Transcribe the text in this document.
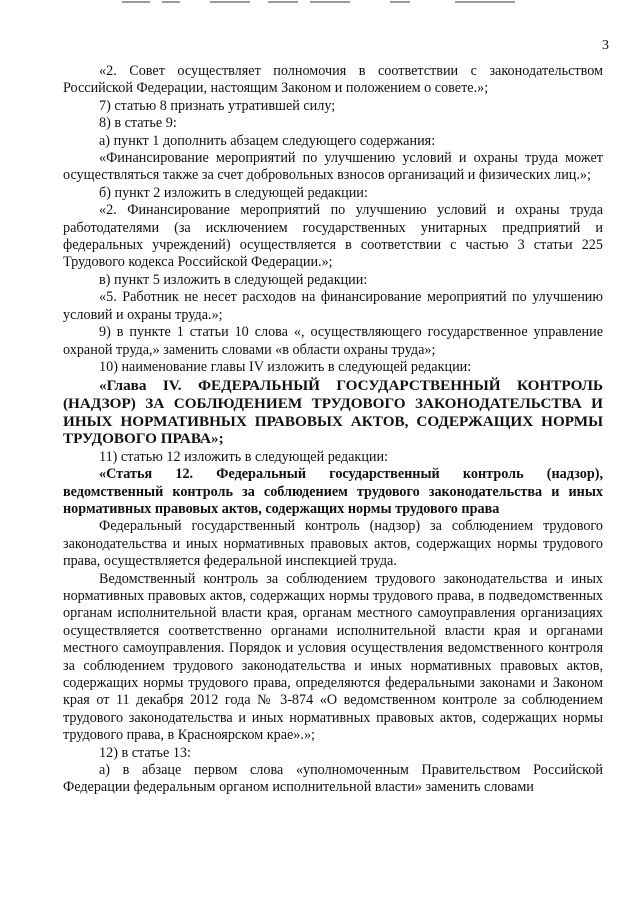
3

«2. Совет осуществляет полномочия в соответствии с законодательством Российской Федерации, настоящим Законом и положением о совете.»;

7) статью 8 признать утратившей силу;

8) в статье 9:

а) пункт 1 дополнить абзацем следующего содержания:

«Финансирование мероприятий по улучшению условий и охраны труда может осуществляться также за счет добровольных взносов организаций и физических лиц.»;

б) пункт 2 изложить в следующей редакции:

«2. Финансирование мероприятий по улучшению условий и охраны труда работодателями (за исключением государственных унитарных предприятий и федеральных учреждений) осуществляется в соответствии с частью 3 статьи 225 Трудового кодекса Российской Федерации.»;

в) пункт 5 изложить в следующей редакции:

«5. Работник не несет расходов на финансирование мероприятий по улучшению условий и охраны труда.»;

9) в пункте 1 статьи 10 слова «, осуществляющего государственное управление охраной труда,» заменить словами «в области охраны труда»;

10) наименование главы IV изложить в следующей редакции:

«Глава IV. ФЕДЕРАЛЬНЫЙ ГОСУДАРСТВЕННЫЙ КОНТРОЛЬ (НАДЗОР) ЗА СОБЛЮДЕНИЕМ ТРУДОВОГО ЗАКОНОДАТЕЛЬСТВА И ИНЫХ НОРМАТИВНЫХ ПРАВОВЫХ АКТОВ, СОДЕРЖАЩИХ НОРМЫ ТРУДОВОГО ПРАВА»;

11) статью 12 изложить в следующей редакции:

«Статья 12. Федеральный государственный контроль (надзор), ведомственный контроль за соблюдением трудового законодательства и иных нормативных правовых актов, содержащих нормы трудового права

Федеральный государственный контроль (надзор) за соблюдением трудового законодательства и иных нормативных правовых актов, содержащих нормы трудового права, осуществляется федеральной инспекцией труда.

Ведомственный контроль за соблюдением трудового законодательства и иных нормативных правовых актов, содержащих нормы трудового права, в подведомственных органам исполнительной власти края, органам местного самоуправления организациях осуществляется соответственно органами исполнительной власти края и органами местного самоуправления. Порядок и условия осуществления ведомственного контроля за соблюдением трудового законодательства и иных нормативных правовых актов, содержащих нормы трудового права, определяются федеральными законами и Законом края от 11 декабря 2012 года № 3-874 «О ведомственном контроле за соблюдением трудового законодательства и иных нормативных правовых актов, содержащих нормы трудового права, в Красноярском крае».»;

12) в статье 13:

а) в абзаце первом слова «уполномоченным Правительством Российской Федерации федеральным органом исполнительной власти» заменить словами
